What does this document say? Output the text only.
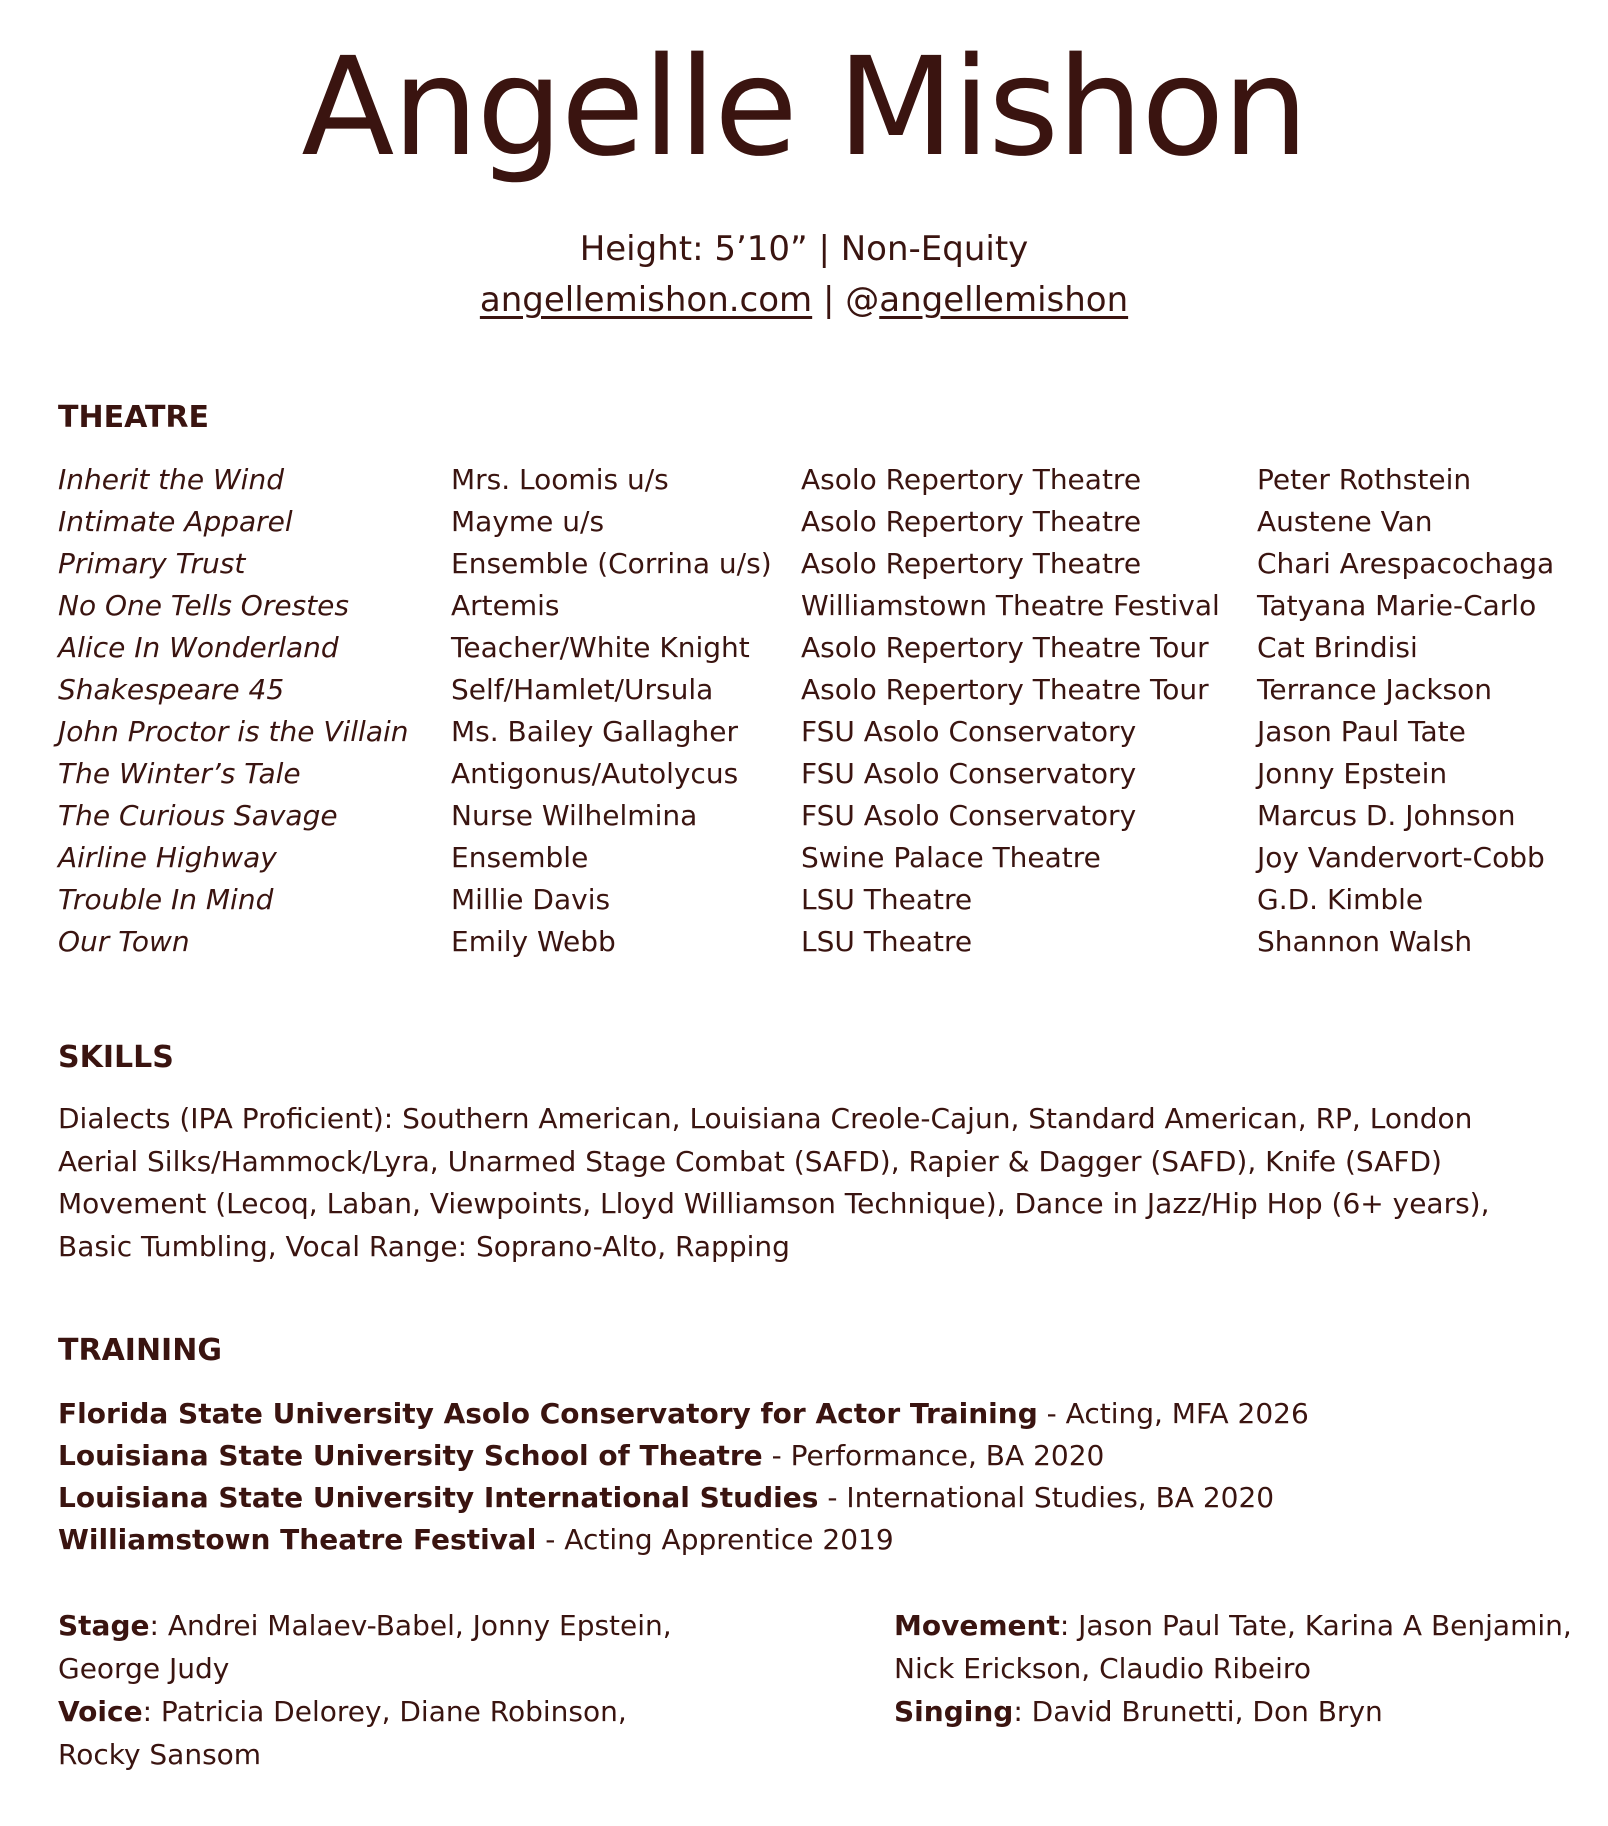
Angelle Mishon
Height: 5’10” | Non-Equity
angellemishon.com | @angellemishon
THEATRE
Inherit the Wind	Mrs. Loomis u/s	Asolo Repertory Theatre	Peter Rothstein
Intimate Apparel	Mayme u/s	Asolo Repertory Theatre	Austene Van
Primary Trust	Ensemble (Corrina u/s)	Asolo Repertory Theatre	Chari Arespacochaga
No One Tells Orestes	Artemis	Williamstown Theatre Festival	Tatyana Marie-Carlo
Alice In Wonderland	Teacher/White Knight	Asolo Repertory Theatre Tour	Cat Brindisi
Shakespeare 45	Self/Hamlet/Ursula	Asolo Repertory Theatre Tour	Terrance Jackson
John Proctor is the Villain	Ms. Bailey Gallagher	FSU Asolo Conservatory	Jason Paul Tate
The Winter’s Tale	Antigonus/Autolycus	FSU Asolo Conservatory	Jonny Epstein
The Curious Savage	Nurse Wilhelmina	FSU Asolo Conservatory	Marcus D. Johnson
Airline Highway	Ensemble	Swine Palace Theatre	Joy Vandervort-Cobb
Trouble In Mind	Millie Davis	LSU Theatre	G.D. Kimble
Our Town	Emily Webb	LSU Theatre	Shannon Walsh
SKILLS
Dialects (IPA Proficient): Southern American, Louisiana Creole-Cajun, Standard American, RP, London
Aerial Silks/Hammock/Lyra, Unarmed Stage Combat (SAFD), Rapier & Dagger (SAFD), Knife (SAFD)
Movement (Lecoq, Laban, Viewpoints, Lloyd Williamson Technique), Dance in Jazz/Hip Hop (6+ years),
Basic Tumbling, Vocal Range: Soprano-Alto, Rapping
TRAINING
Florida State University Asolo Conservatory for Actor Training - Acting, MFA 2026
Louisiana State University School of Theatre - Performance, BA 2020
Louisiana State University International Studies - International Studies, BA 2020
Williamstown Theatre Festival - Acting Apprentice 2019
Stage: Andrei Malaev-Babel, Jonny Epstein,
George Judy
Voice: Patricia Delorey, Diane Robinson,
Rocky Sansom
Movement: Jason Paul Tate, Karina A Benjamin,
Nick Erickson, Claudio Ribeiro
Singing: David Brunetti, Don Bryn
